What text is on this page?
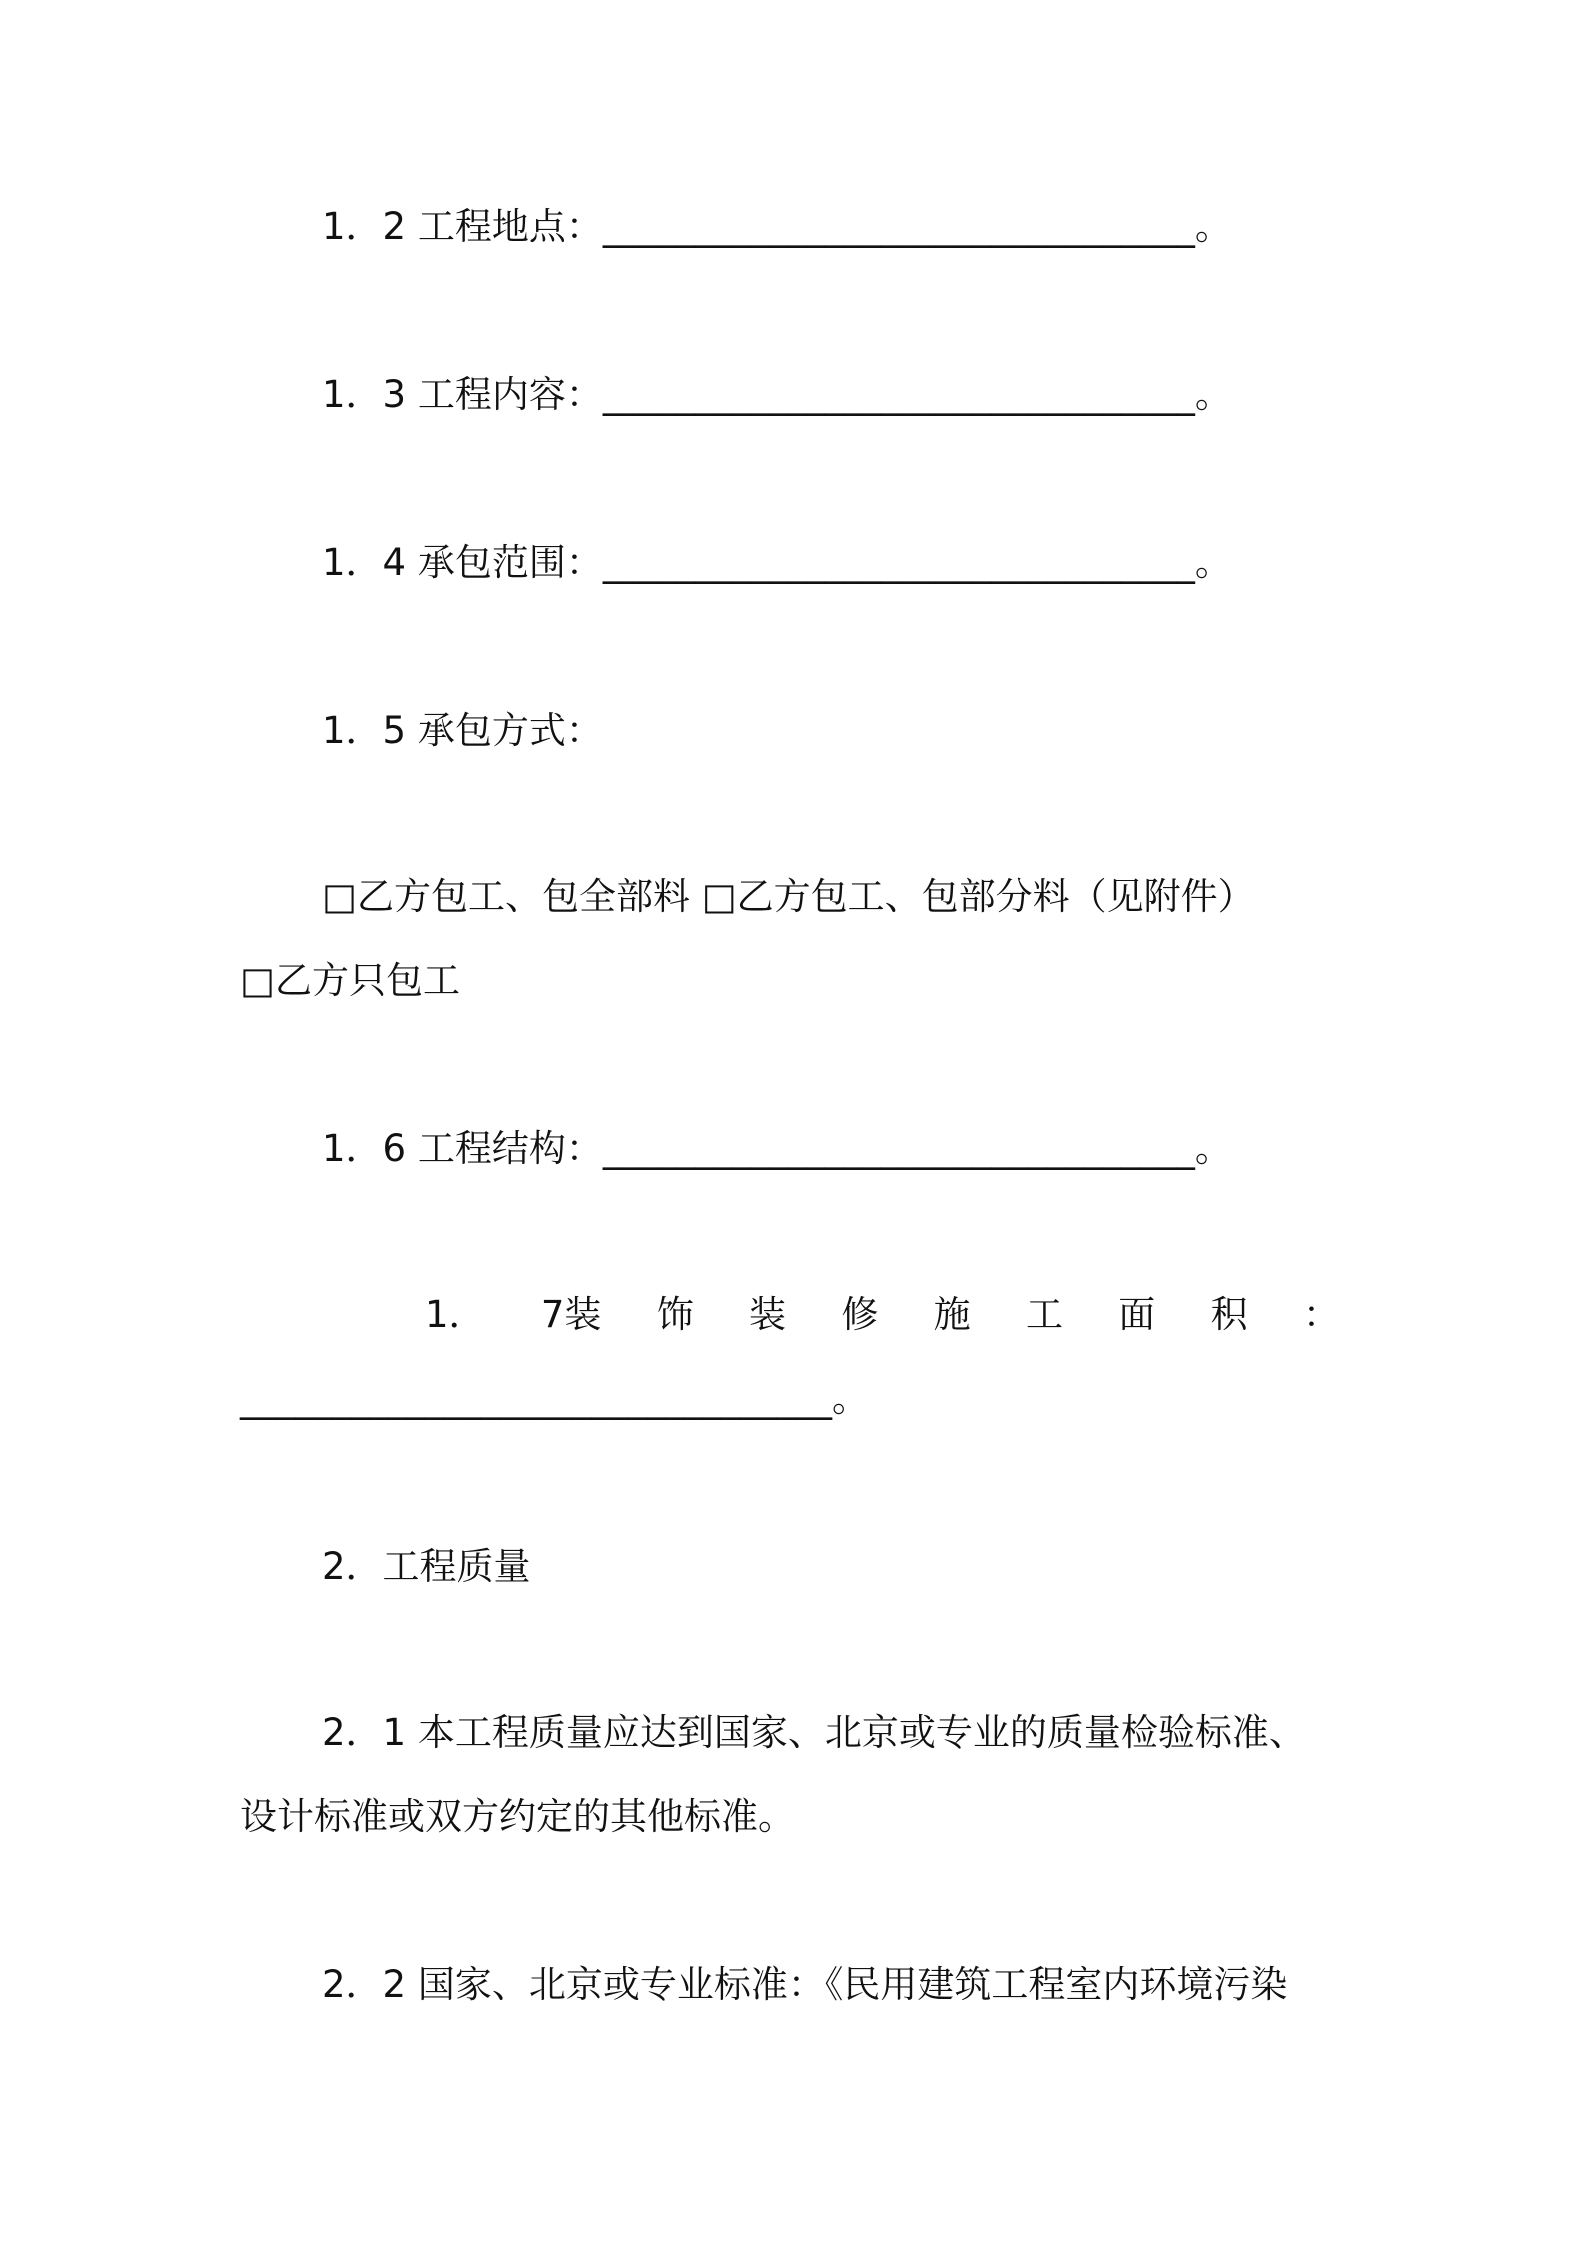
1．2 工程地点：________________________________。
1．3 工程内容：________________________________。
1．4 承包范围：________________________________。
1．5 承包方式：
□乙方包工、包全部料 □乙方包工、包部分料（见附件）
□乙方只包工
1．6 工程结构：________________________________。
1． 7装 饰 装 修 施 工 面 积 ：
________________________________。
2．工程质量
2．1 本工程质量应达到国家、北京或专业的质量检验标准、
设计标准或双方约定的其他标准。
2．2 国家、北京或专业标准：《民用建筑工程室内环境污染
